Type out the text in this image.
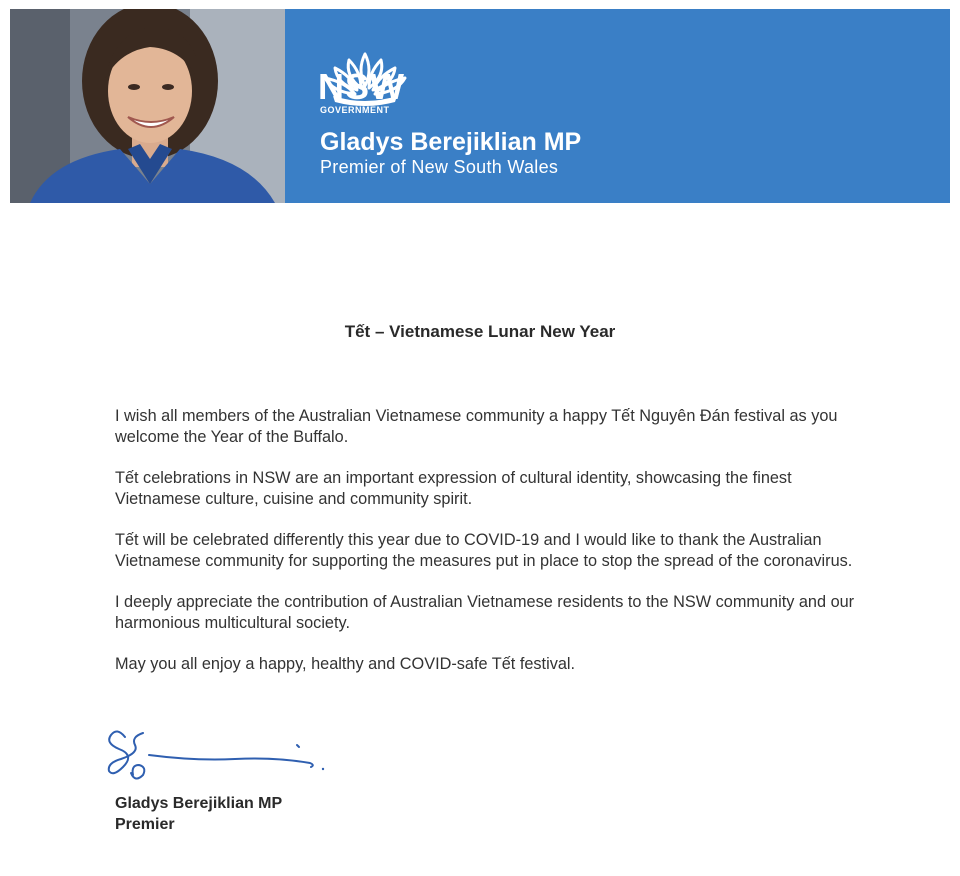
NSW
GOVERNMENT
Gladys Berejiklian MP
Premier of New South Wales
Tết – Vietnamese Lunar New Year

I wish all members of the Australian Vietnamese community a happy Tết Nguyên Đán festival as you welcome the Year of the Buffalo.

Tết celebrations in NSW are an important expression of cultural identity, showcasing the finest Vietnamese culture, cuisine and community spirit.

Tết will be celebrated differently this year due to COVID-19 and I would like to thank the Australian Vietnamese community for supporting the measures put in place to stop the spread of the coronavirus.

I deeply appreciate the contribution of Australian Vietnamese residents to the NSW community and our harmonious multicultural society.

May you all enjoy a happy, healthy and COVID-safe Tết festival.

Gladys Berejiklian MP
Premier
